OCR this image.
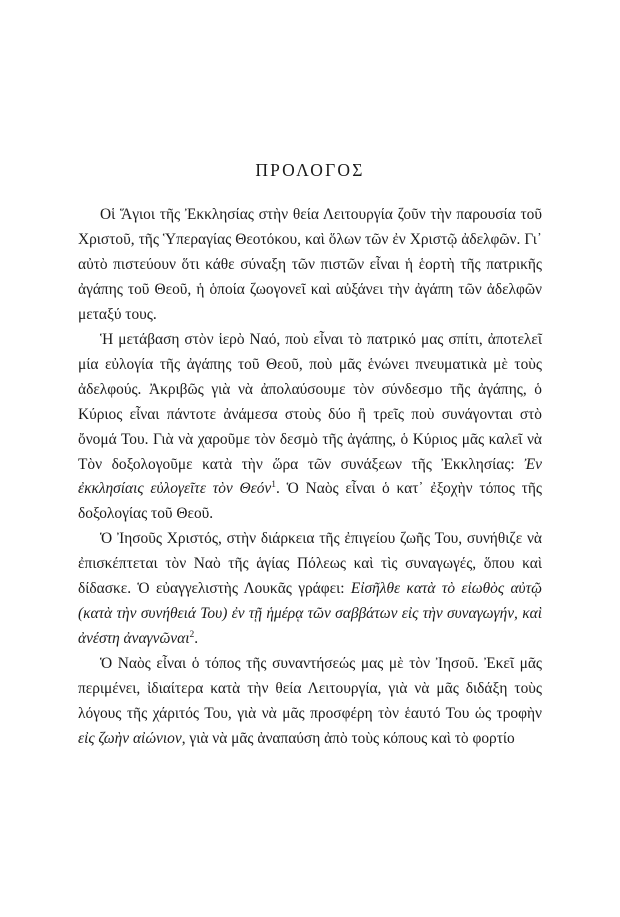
ΠΡΟΛΟΓΟΣ

Οἱ Ἅγιοι τῆς Ἐκκλησίας στὴν θεία Λειτουργία ζοῦν τὴν παρουσία τοῦ Χριστοῦ, τῆς Ὑπεραγίας Θεοτόκου, καὶ ὅλων τῶν ἐν Χριστῷ ἀδελφῶν. Γι᾿ αὐτὸ πιστεύουν ὅτι κάθε σύναξη τῶν πιστῶν εἶναι ἡ ἑορτὴ τῆς πατρικῆς ἀγάπης τοῦ Θεοῦ, ἡ ὁποία ζωογονεῖ καὶ αὐξάνει τὴν ἀγάπη τῶν ἀδελφῶν μεταξύ τους.

Ἡ μετάβαση στὸν ἱερὸ Ναό, ποὺ εἶναι τὸ πατρικό μας σπίτι, ἀποτελεῖ μία εὐλογία τῆς ἀγάπης τοῦ Θεοῦ, ποὺ μᾶς ἑνώνει πνευματικὰ μὲ τοὺς ἀδελφούς. Ἀκριβῶς γιὰ νὰ ἀπολαύσουμε τὸν σύνδεσμο τῆς ἀγάπης, ὁ Κύριος εἶναι πάντοτε ἀνάμεσα στοὺς δύο ἢ τρεῖς ποὺ συνάγονται στὸ ὄνομά Του. Γιὰ νὰ χαροῦμε τὸν δεσμὸ τῆς ἀγάπης, ὁ Κύριος μᾶς καλεῖ νὰ Τὸν δοξολογοῦμε κατὰ τὴν ὥρα τῶν συνάξεων τῆς Ἐκκλησίας: Ἐν ἐκκλησίαις εὐλογεῖτε τὸν Θεόν$^1$. Ὁ Ναὸς εἶναι ὁ κατ᾿ ἐξοχὴν τόπος τῆς δοξολογίας τοῦ Θεοῦ.

Ὁ Ἰησοῦς Χριστός, στὴν διάρκεια τῆς ἐπιγείου ζωῆς Του, συνήθιζε νὰ ἐπισκέπτεται τὸν Ναὸ τῆς ἁγίας Πόλεως καὶ τὶς συναγωγές, ὅπου καὶ δίδασκε. Ὁ εὐαγγελιστὴς Λουκᾶς γράφει: Εἰσῆλθε κατὰ τὸ εἰωθὸς αὐτῷ (κατὰ τὴν συνήθειά Του) ἐν τῇ ἡμέρᾳ τῶν σαββάτων εἰς τὴν συναγωγήν, καὶ ἀνέστη ἀναγνῶναι$^2$.

Ὁ Ναὸς εἶναι ὁ τόπος τῆς συναντήσεώς μας μὲ τὸν Ἰησοῦ. Ἐκεῖ μᾶς περιμένει, ἰδιαίτερα κατὰ τὴν θεία Λειτουργία, γιὰ νὰ μᾶς διδάξη τοὺς λόγους τῆς χάριτός Του, γιὰ νὰ μᾶς προσφέρη τὸν ἑαυτό Του ὡς τροφὴν εἰς ζωὴν αἰώνιον, γιὰ νὰ μᾶς ἀναπαύση ἀπὸ τοὺς κόπους καὶ τὸ φορτίο
